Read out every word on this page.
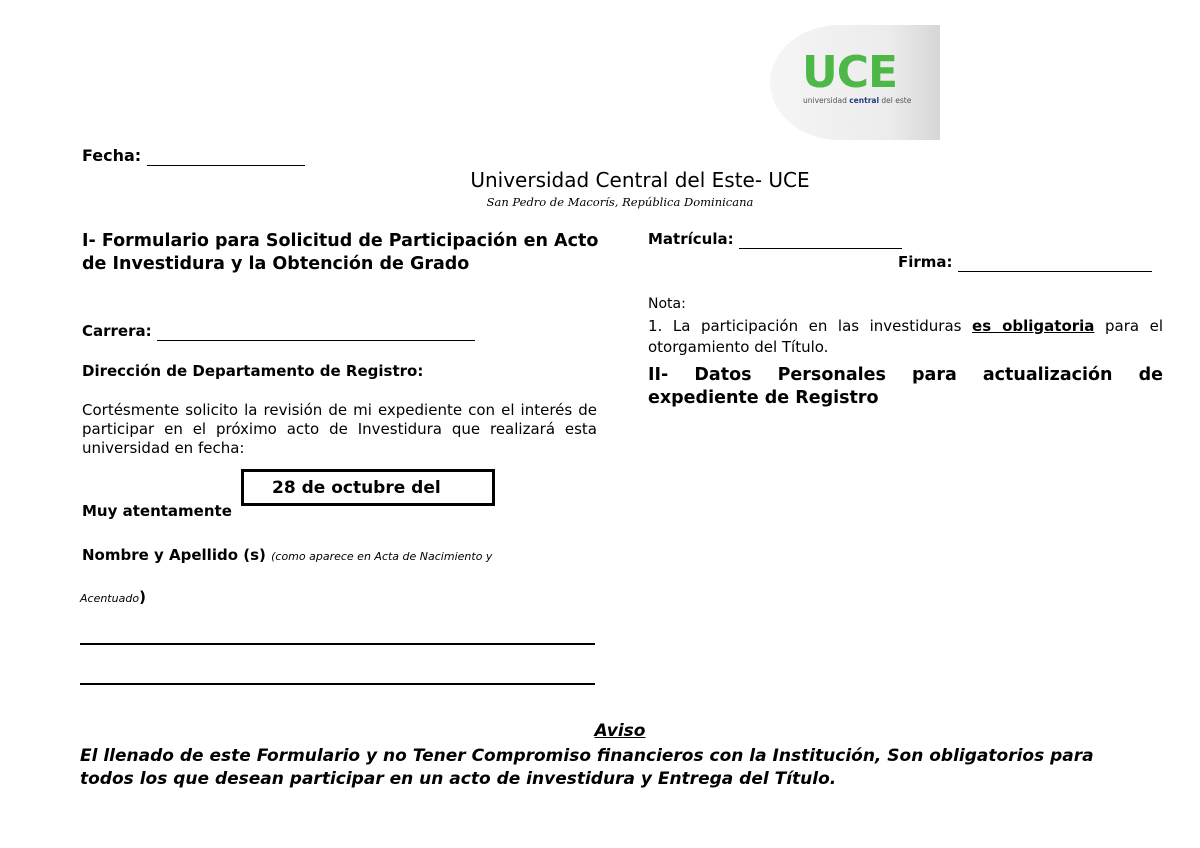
UCE
universidad central del este
Fecha:
Universidad Central del Este- UCE
San Pedro de Macorís, República Dominicana
I- Formulario para Solicitud de Participación en Acto de Investidura y la Obtención de Grado
Carrera:
Dirección de Departamento de Registro:
Cortésmente solicito la revisión de mi expediente con el interés de participar en el próximo acto de Investidura que realizará esta universidad en fecha:
Muy atentamente
28 de octubre del
Nombre y Apellido (s) (como aparece en Acta de Nacimiento y
Acentuado)
Matrícula:
Firma:
Nota:
1. La participación en las investiduras es obligatoria para el otorgamiento del Título.
II- Datos Personales para actualización de expediente de Registro
Aviso
El llenado de este Formulario y no Tener Compromiso financieros con la Institución, Son obligatorios para todos los que desean participar en un acto de investidura y Entrega del Título.
